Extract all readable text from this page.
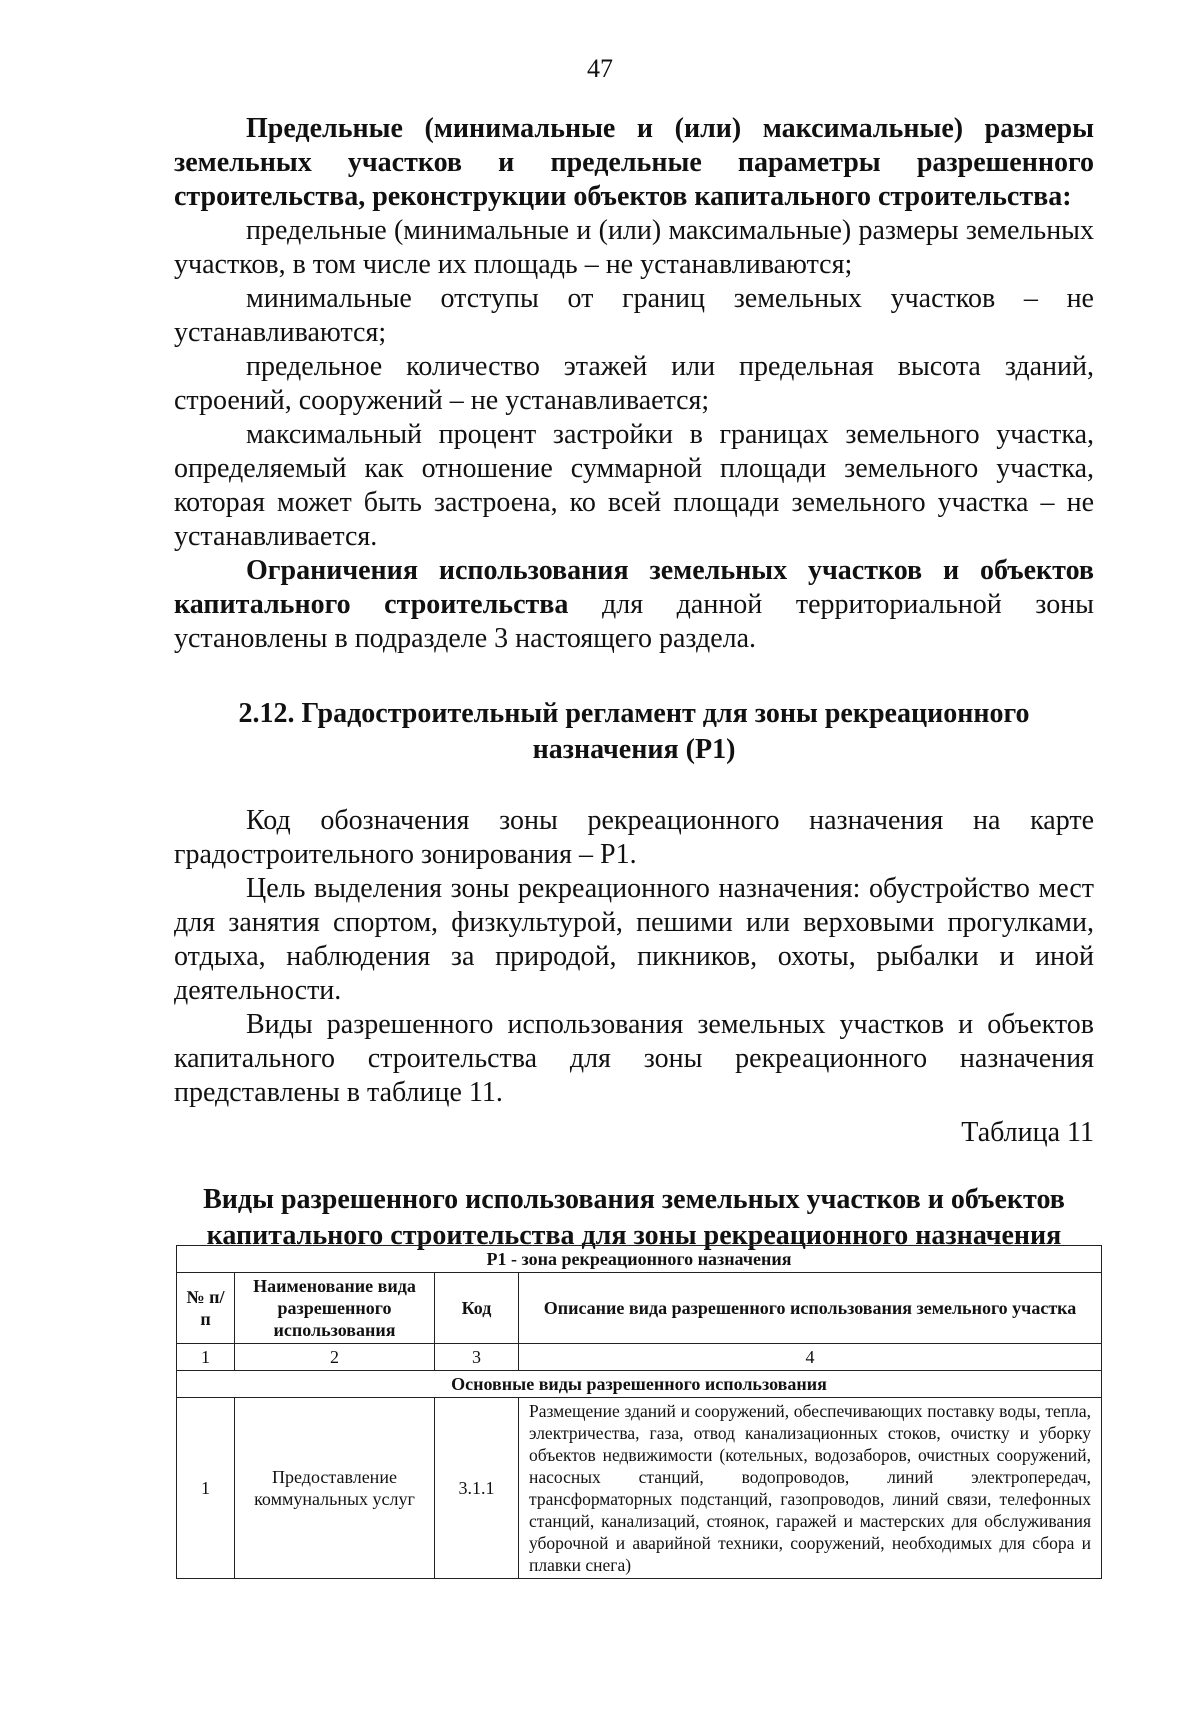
47

Предельные (минимальные и (или) максимальные) размеры земельных участков и предельные параметры разрешенного строительства, реконструкции объектов капитального строительства:

предельные (минимальные и (или) максимальные) размеры земельных участков, в том числе их площадь – не устанавливаются;

минимальные отступы от границ земельных участков – не устанавливаются;

предельное количество этажей или предельная высота зданий, строений, сооружений – не устанавливается;

максимальный процент застройки в границах земельного участка, определяемый как отношение суммарной площади земельного участка, которая может быть застроена, ко всей площади земельного участка – не устанавливается.

Ограничения использования земельных участков и объектов капитального строительства для данной территориальной зоны установлены в подразделе 3 настоящего раздела.

2.12. Градостроительный регламент для зоны рекреационного
назначения (Р1)

Код обозначения зоны рекреационного назначения на карте градостроительного зонирования – Р1.

Цель выделения зоны рекреационного назначения: обустройство мест для занятия спортом, физкультурой, пешими или верховыми прогулками, отдыха, наблюдения за природой, пикников, охоты, рыбалки и иной деятельности.

Виды разрешенного использования земельных участков и объектов капитального строительства для зоны рекреационного назначения представлены в таблице 11.

Таблица 11

Виды разрешенного использования земельных участков и объектов
капитального строительства для зоны рекреационного назначения
Р1 - зона рекреационного назначения			
№ п/п	Наименование вида разрешенного использования	Код	Описание вида разрешенного использования земельного участка
1	2	3	4
Основные виды разрешенного использования			
1	Предоставление коммунальных услуг	3.1.1	Размещение зданий и сооружений, обеспечивающих поставку воды, тепла, электричества, газа, отвод канализационных стоков, очистку и уборку объектов недвижимости (котельных, водозаборов, очистных сооружений, насосных станций, водопроводов, линий электропередач, трансформаторных подстанций, газопроводов, линий связи, телефонных станций, канализаций, стоянок, гаражей и мастерских для обслуживания уборочной и аварийной техники, сооружений, необходимых для сбора и плавки снега)
